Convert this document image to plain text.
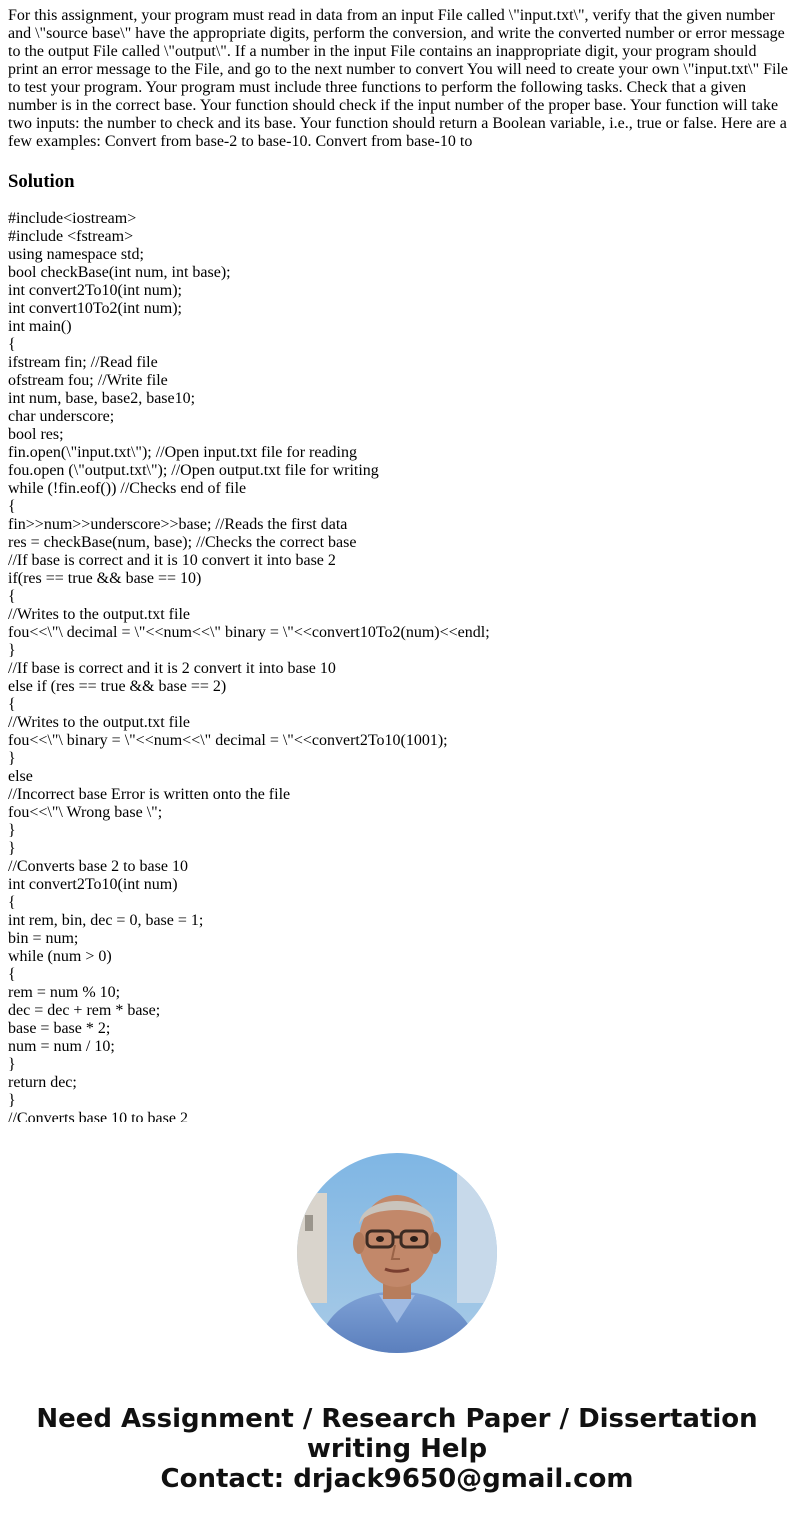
For this assignment, your program must read in data from an input File called \"input.txt\", verify that the given number and \"source base\" have the appropriate digits, perform the conversion, and write the converted number or error message to the output File called \"output\". If a number in the input File contains an inappropriate digit, your program should print an error message to the File, and go to the next number to convert You will need to create your own \"input.txt\" File to test your program. Your program must include three functions to perform the following tasks. Check that a given number is in the correct base. Your function should check if the input number of the proper base. Your function will take two inputs: the number to check and its base. Your function should return a Boolean variable, i.e., true or false. Here are a few examples: Convert from base-2 to base-10. Convert from base-10 to

Solution
#include<iostream>
#include <fstream>
using namespace std;
bool checkBase(int num, int base);
int convert2To10(int num);
int convert10To2(int num);
int main()
{
ifstream fin; //Read file
ofstream fou; //Write file
int num, base, base2, base10;
char underscore;
bool res;
fin.open(\"input.txt\"); //Open input.txt file for reading
fou.open (\"output.txt\"); //Open output.txt file for writing
while (!fin.eof()) //Checks end of file
{
fin>>num>>underscore>>base; //Reads the first data
res = checkBase(num, base); //Checks the correct base
//If base is correct and it is 10 convert it into base 2
if(res == true && base == 10)
{
//Writes to the output.txt file
fou<<\"\ decimal = \"<<num<<\" binary = \"<<convert10To2(num)<<endl;
}
//If base is correct and it is 2 convert it into base 10
else if (res == true && base == 2)
{
//Writes to the output.txt file
fou<<\"\ binary = \"<<num<<\" decimal = \"<<convert2To10(1001);
}
else
//Incorrect base Error is written onto the file
fou<<\"\ Wrong base \";
}
}
//Converts base 2 to base 10
int convert2To10(int num)
{
int rem, bin, dec = 0, base = 1;
bin = num;
while (num > 0)
{
rem = num % 10;
dec = dec + rem * base;
base = base * 2;
num = num / 10;
}
return dec;
}
//Converts base 10 to base 2
Need Assignment / Research Paper / Dissertation
writing Help
Contact: drjack9650@gmail.com
